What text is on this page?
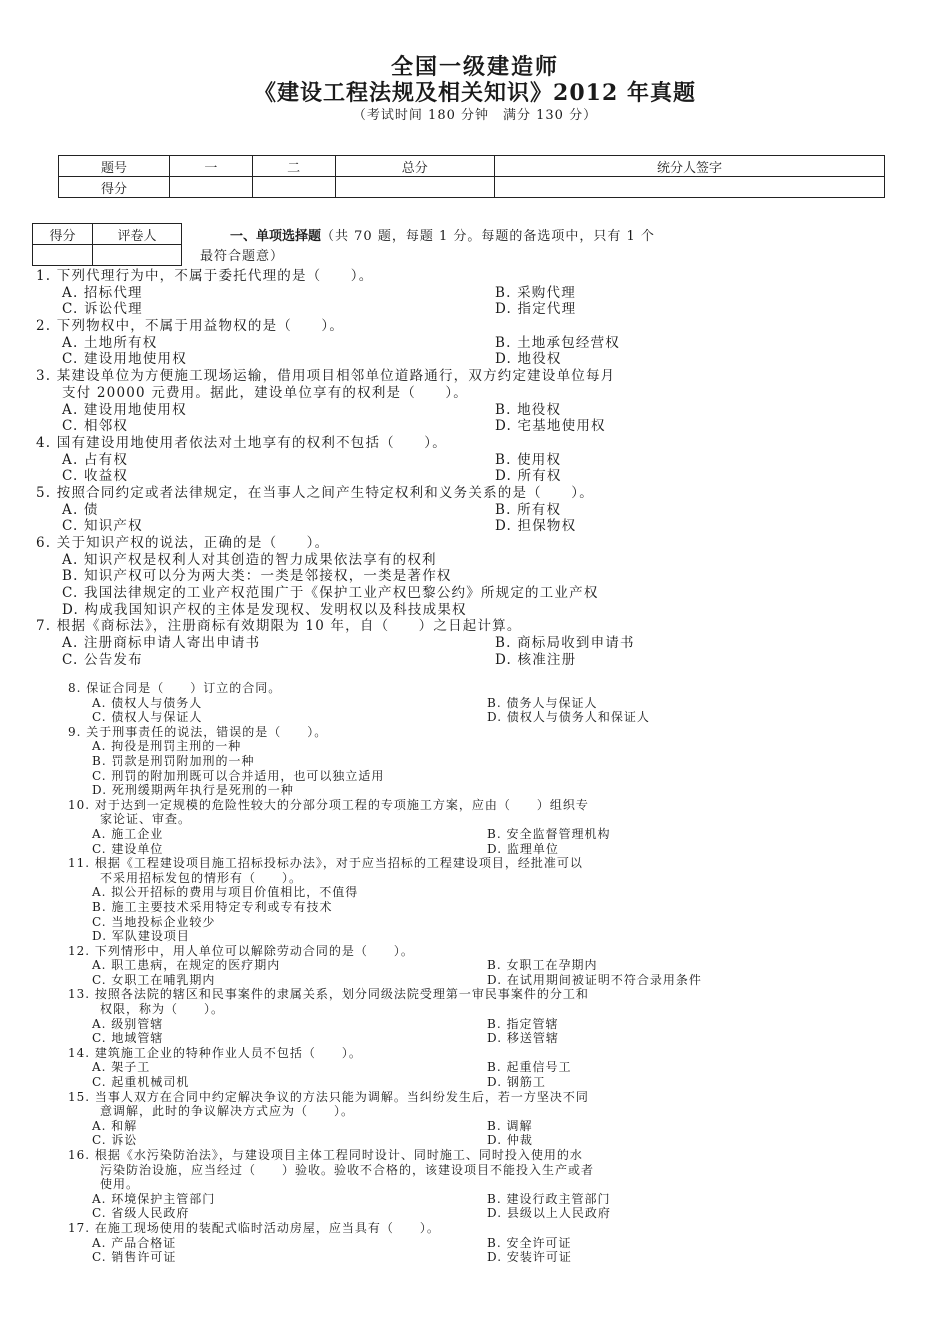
全国一级建造师
《建设工程法规及相关知识》2012 年真题
（考试时间 180 分钟　满分 130 分）
题号	一	二	总分	统分人签字
得分				
得分	评卷人
		一、单项选择题（共 70 题，每题 1 分。每题的备选项中，只有 1 个
最符合题意）
1. 下列代理行为中，不属于委托代理的是（　　）。
A. 招标代理	B. 采购代理
C. 诉讼代理	D. 指定代理
2. 下列物权中，不属于用益物权的是（　　）。
A. 土地所有权	B. 土地承包经营权
C. 建设用地使用权	D. 地役权
3. 某建设单位为方便施工现场运输，借用项目相邻单位道路通行，双方约定建设单位每月
支付 20000 元费用。据此，建设单位享有的权利是（　　）。
A. 建设用地使用权	B. 地役权
C. 相邻权	D. 宅基地使用权
4. 国有建设用地使用者依法对土地享有的权利不包括（　　）。
A. 占有权	B. 使用权
C. 收益权	D. 所有权
5. 按照合同约定或者法律规定，在当事人之间产生特定权利和义务关系的是（　　）。
A. 债	B. 所有权
C. 知识产权	D. 担保物权
6. 关于知识产权的说法，正确的是（　　）。
A. 知识产权是权利人对其创造的智力成果依法享有的权利
B. 知识产权可以分为两大类：一类是邻接权，一类是著作权
C. 我国法律规定的工业产权范围广于《保护工业产权巴黎公约》所规定的工业产权
D. 构成我国知识产权的主体是发现权、发明权以及科技成果权
7. 根据《商标法》，注册商标有效期限为 10 年，自（　　）之日起计算。
A. 注册商标申请人寄出申请书	B. 商标局收到申请书
C. 公告发布	D. 核准注册
8. 保证合同是（　　）订立的合同。
A. 债权人与债务人	B. 债务人与保证人
C. 债权人与保证人	D. 债权人与债务人和保证人
9. 关于刑事责任的说法，错误的是（　　）。
A. 拘役是刑罚主刑的一种
B. 罚款是刑罚附加刑的一种
C. 刑罚的附加刑既可以合并适用，也可以独立适用
D. 死刑缓期两年执行是死刑的一种
10. 对于达到一定规模的危险性较大的分部分项工程的专项施工方案，应由（　　）组织专
家论证、审查。
A. 施工企业	B. 安全监督管理机构
C. 建设单位	D. 监理单位
11. 根据《工程建设项目施工招标投标办法》，对于应当招标的工程建设项目，经批准可以
不采用招标发包的情形有（　　）。
A. 拟公开招标的费用与项目价值相比，不值得
B. 施工主要技术采用特定专利或专有技术
C. 当地投标企业较少
D. 军队建设项目
12. 下列情形中，用人单位可以解除劳动合同的是（　　）。
A. 职工患病，在规定的医疗期内	B. 女职工在孕期内
C. 女职工在哺乳期内	D. 在试用期间被证明不符合录用条件
13. 按照各法院的辖区和民事案件的隶属关系，划分同级法院受理第一审民事案件的分工和
权限，称为（　　）。
A. 级别管辖	B. 指定管辖
C. 地域管辖	D. 移送管辖
14. 建筑施工企业的特种作业人员不包括（　　）。
A. 架子工	B. 起重信号工
C. 起重机械司机	D. 钢筋工
15. 当事人双方在合同中约定解决争议的方法只能为调解。当纠纷发生后，若一方坚决不同
意调解，此时的争议解决方式应为（　　）。
A. 和解	B. 调解
C. 诉讼	D. 仲裁
16. 根据《水污染防治法》，与建设项目主体工程同时设计、同时施工、同时投入使用的水
污染防治设施，应当经过（　　）验收。验收不合格的，该建设项目不能投入生产或者
使用。
A. 环境保护主管部门	B. 建设行政主管部门
C. 省级人民政府	D. 县级以上人民政府
17. 在施工现场使用的装配式临时活动房屋，应当具有（　　）。
A. 产品合格证	B. 安全许可证
C. 销售许可证	D. 安装许可证
